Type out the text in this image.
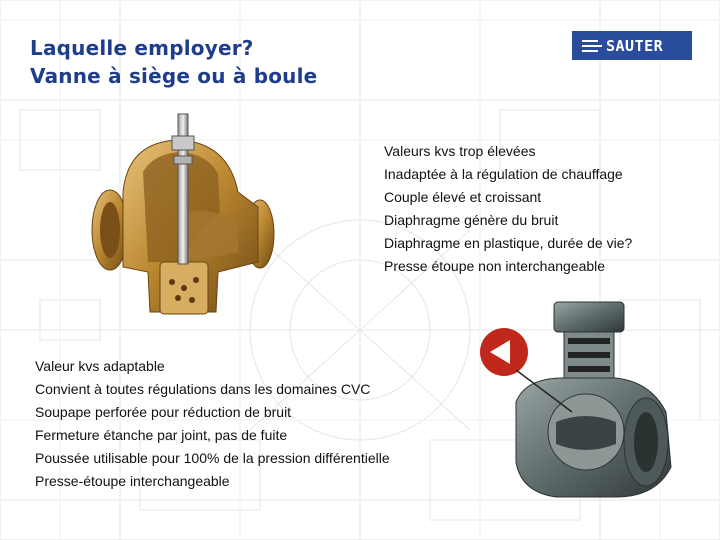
Laquelle employer?
Vanne à siège ou à boule
SAUTER
Valeurs kvs trop élevées
Inadaptée à la régulation de chauffage
Couple élevé et croissant
Diaphragme génère du bruit
Diaphragme en plastique, durée de vie?
Presse étoupe non interchangeable
Valeur kvs adaptable
Convient à toutes régulations dans les domaines CVC
Soupape perforée pour réduction de bruit
Fermeture étanche par joint, pas de fuite
Poussée utilisable pour 100% de la pression différentielle
Presse-étoupe interchangeable
